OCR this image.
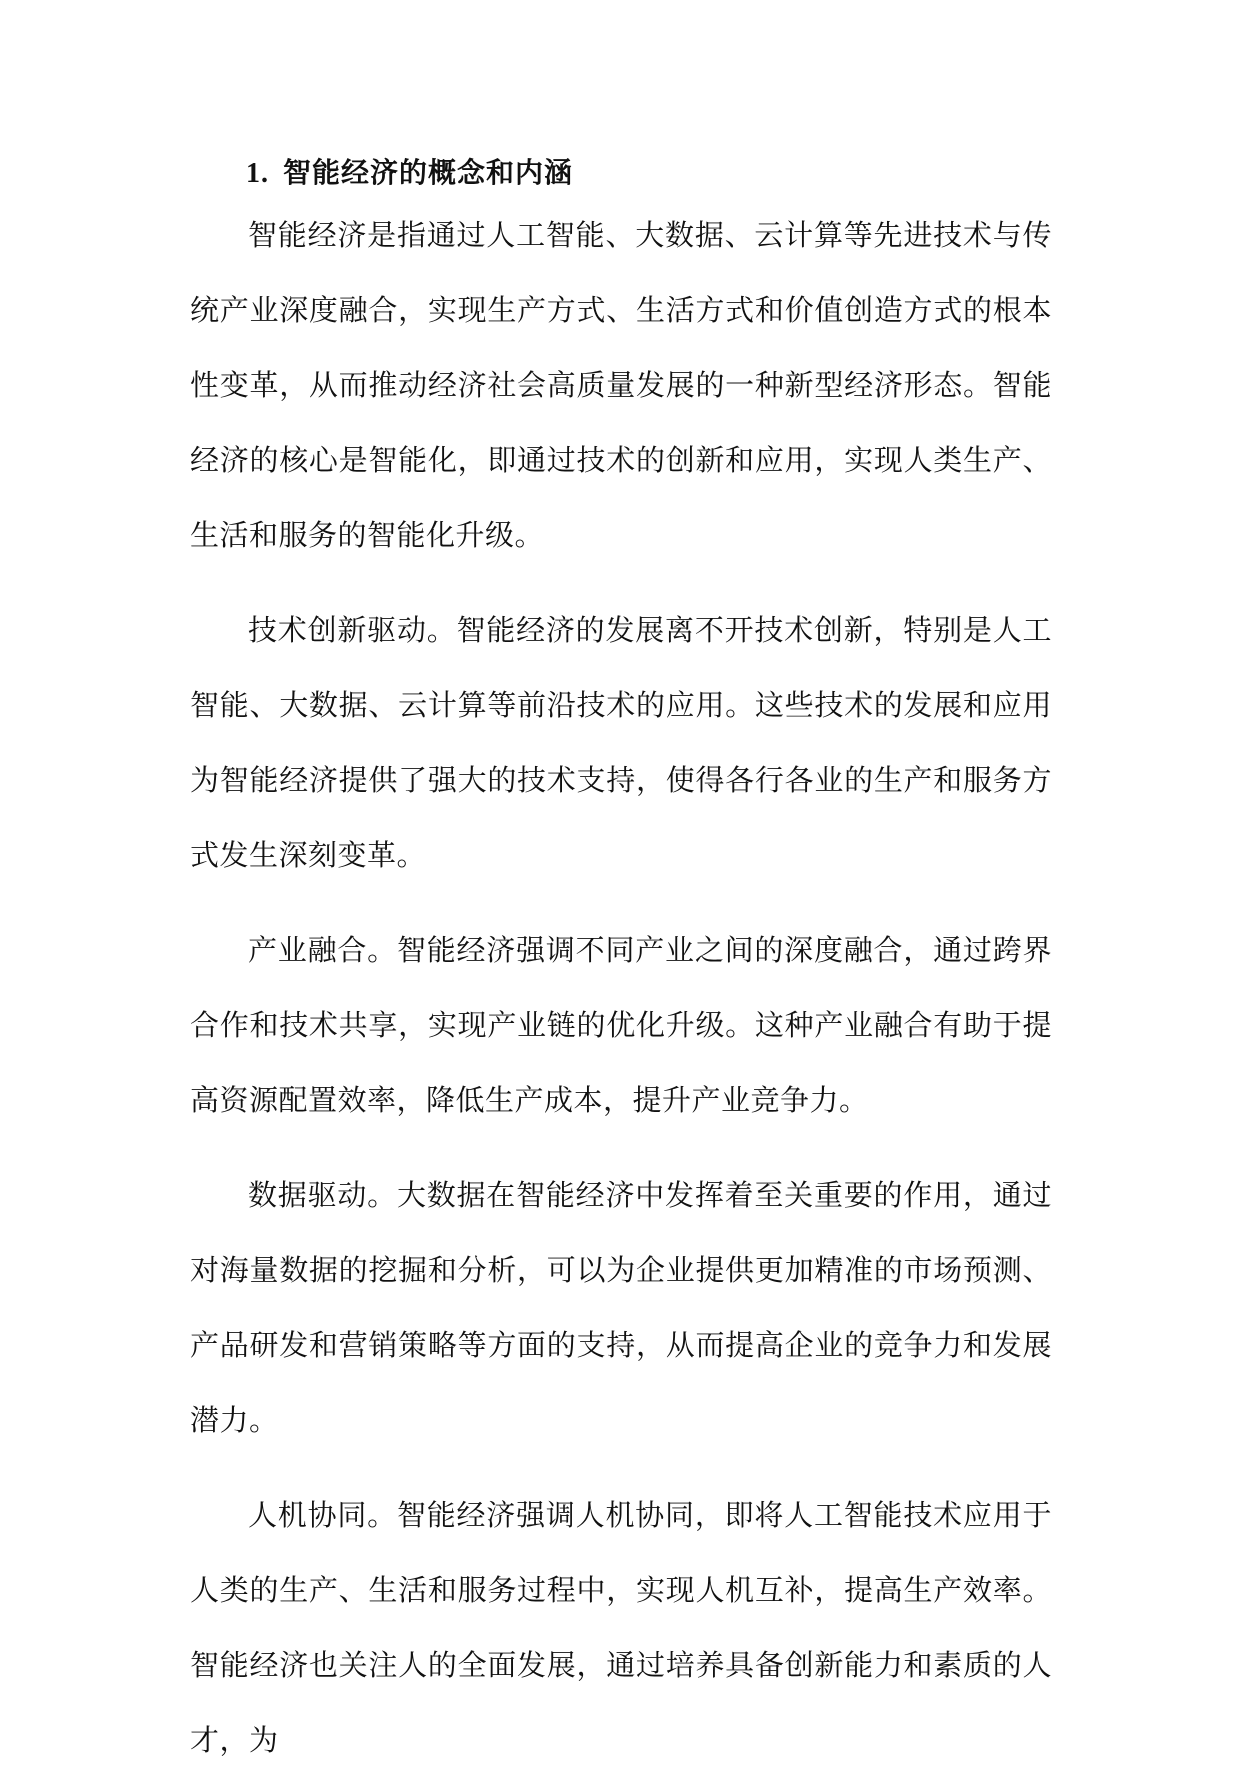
1. 智能经济的概念和内涵

智能经济是指通过人工智能、大数据、云计算等先进技术与传统产业深度融合，实现生产方式、生活方式和价值创造方式的根本性变革，从而推动经济社会高质量发展的一种新型经济形态。智能经济的核心是智能化，即通过技术的创新和应用，实现人类生产、生活和服务的智能化升级。

技术创新驱动。智能经济的发展离不开技术创新，特别是人工智能、大数据、云计算等前沿技术的应用。这些技术的发展和应用为智能经济提供了强大的技术支持，使得各行各业的生产和服务方式发生深刻变革。

产业融合。智能经济强调不同产业之间的深度融合，通过跨界合作和技术共享，实现产业链的优化升级。这种产业融合有助于提高资源配置效率，降低生产成本，提升产业竞争力。

数据驱动。大数据在智能经济中发挥着至关重要的作用，通过对海量数据的挖掘和分析，可以为企业提供更加精准的市场预测、产品研发和营销策略等方面的支持，从而提高企业的竞争力和发展潜力。

人机协同。智能经济强调人机协同，即将人工智能技术应用于人类的生产、生活和服务过程中，实现人机互补，提高生产效率。智能经济也关注人的全面发展，通过培养具备创新能力和素质的人才，为
